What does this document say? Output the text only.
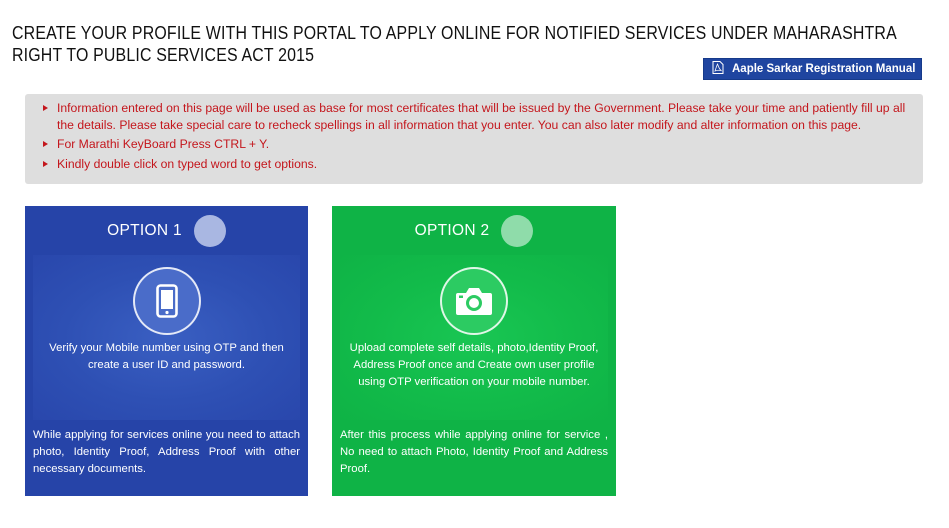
CREATE YOUR PROFILE WITH THIS PORTAL TO APPLY ONLINE FOR NOTIFIED SERVICES UNDER MAHARASHTRA RIGHT TO PUBLIC SERVICES ACT 2015
Aaple Sarkar Registration Manual
Information entered on this page will be used as base for most certificates that will be issued by the Government. Please take your time and patiently fill up all the details. Please take special care to recheck spellings in all information that you enter. You can also later modify and alter information on this page.
For Marathi KeyBoard Press CTRL + Y.
Kindly double click on typed word to get options.
OPTION 1
Verify your Mobile number using OTP and then create a user ID and password.
While applying for services online you need to attach photo, Identity Proof, Address Proof with other necessary documents.
OPTION 2
Upload complete self details, photo,Identity Proof, Address Proof once and Create own user profile using OTP verification on your mobile number.
After this process while applying online for service , No need to attach Photo, Identity Proof and Address Proof.
